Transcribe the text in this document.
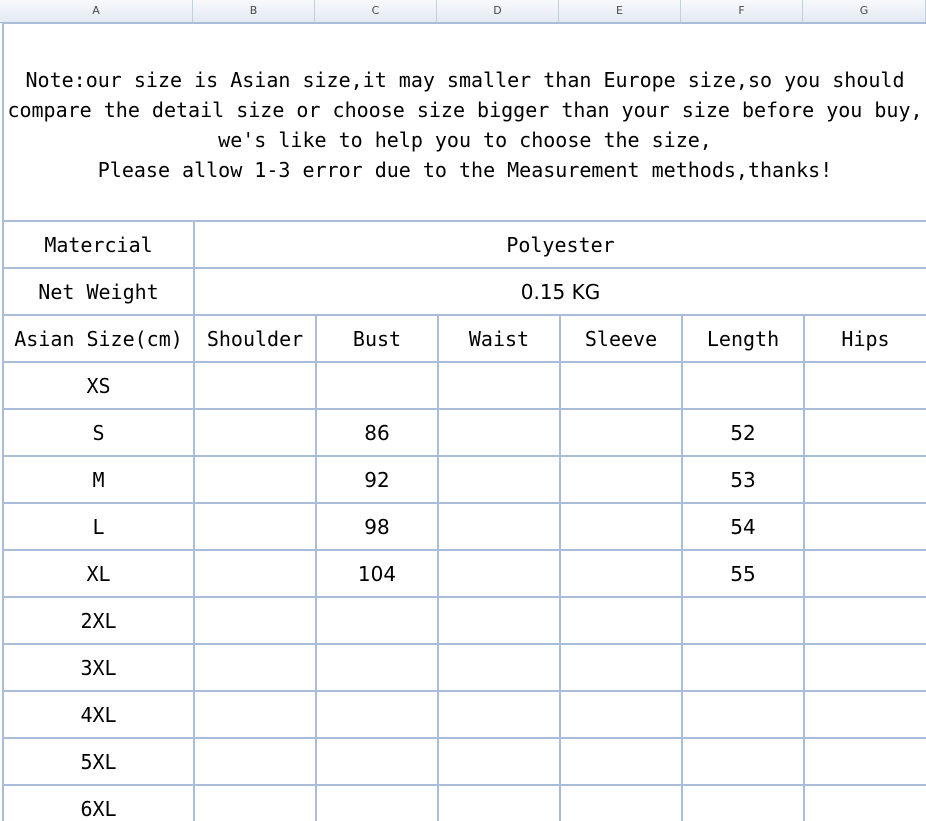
A	B	C	D	E	F	G
Note:our size is Asian size,it may smaller than Europe size,so you should
compare the detail size or choose size bigger than your size before you buy,
we's like to help you to choose the size,
Please allow 1-3 error due to the Measurement methods,thanks!						

Matercial	Polyester					
Net Weight	0.15 KG					
Asian Size(cm)	Shoulder	Bust	Waist	Sleeve	Length	Hips
XS						
S		86			52	
M		92			53	
L		98			54	
XL		104			55	
2XL						
3XL						
4XL						
5XL						
6XL						
